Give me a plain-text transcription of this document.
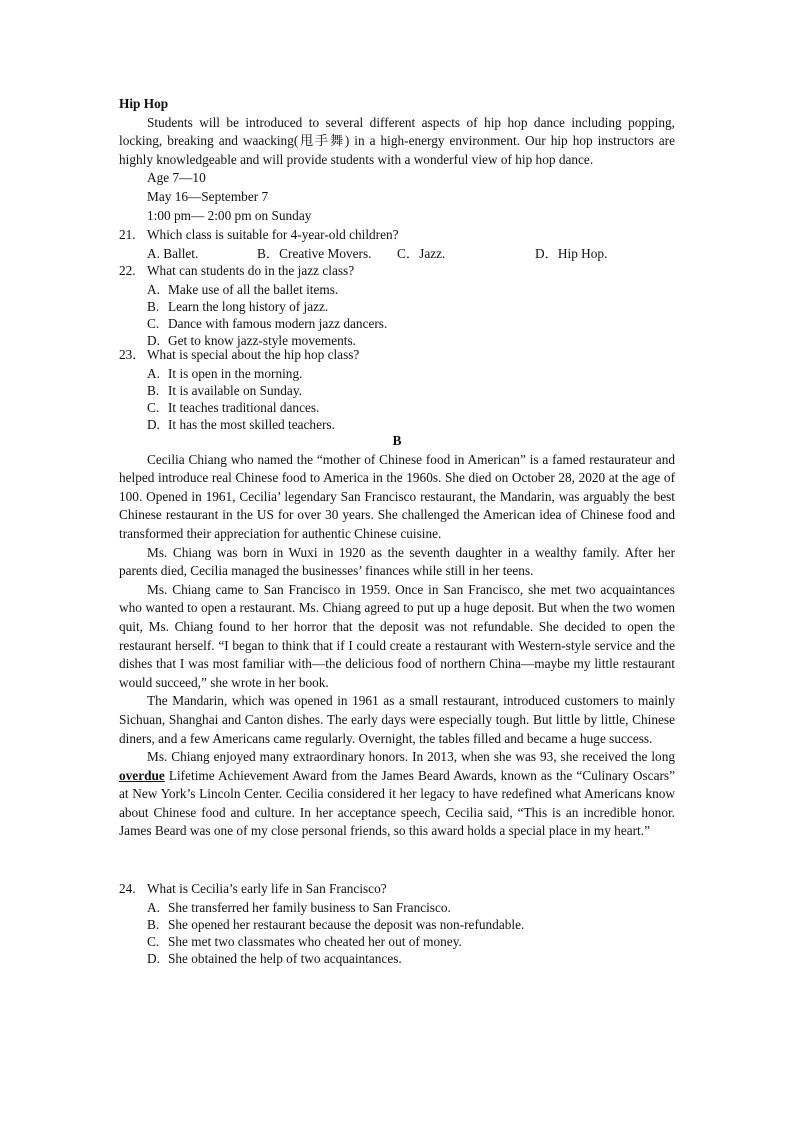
Hip Hop

Students will be introduced to several different aspects of hip hop dance including popping, locking, breaking and waacking(甩手舞) in a high-energy environment. Our hip hop instructors are highly knowledgeable and will provide students with a wonderful view of hip hop dance.

Age 7—10
May 16—September 7
1:00 pm— 2:00 pm on Sunday
21. Which class is suitable for 4-year-old children?
A. Ballet.	B．Creative Movers.	C．Jazz.	D．Hip Hop.
22. What can students do in the jazz class?
A. Make use of all the ballet items.
B. Learn the long history of jazz.
C. Dance with famous modern jazz dancers.
D. Get to know jazz-style movements.
23． What is special about the hip hop class?
A. It is open in the morning.
B. It is available on Sunday.
C. It teaches traditional dances.
D. It has the most skilled teachers.
B

Cecilia Chiang who named the “mother of Chinese food in American” is a famed restaurateur and helped introduce real Chinese food to America in the 1960s. She died on October 28, 2020 at the age of 100. Opened in 1961, Cecilia’ legendary San Francisco restaurant, the Mandarin, was arguably the best Chinese restaurant in the US for over 30 years. She challenged the American idea of Chinese food and transformed their appreciation for authentic Chinese cuisine.

Ms. Chiang was born in Wuxi in 1920 as the seventh daughter in a wealthy family. After her parents died, Cecilia managed the businesses’ finances while still in her teens.

Ms. Chiang came to San Francisco in 1959. Once in San Francisco, she met two acquaintances who wanted to open a restaurant. Ms. Chiang agreed to put up a huge deposit. But when the two women quit, Ms. Chiang found to her horror that the deposit was not refundable. She decided to open the restaurant herself. “I began to think that if I could create a restaurant with Western-style service and the dishes that I was most familiar with—the delicious food of northern China—maybe my little restaurant would succeed,” she wrote in her book.

The Mandarin, which was opened in 1961 as a small restaurant, introduced customers to mainly Sichuan, Shanghai and Canton dishes. The early days were especially tough. But little by little, Chinese diners, and a few Americans came regularly. Overnight, the tables filled and became a huge success.

Ms. Chiang enjoyed many extraordinary honors. In 2013, when she was 93, she received the long overdue Lifetime Achievement Award from the James Beard Awards, known as the “Culinary Oscars” at New York’s Lincoln Center. Cecilia considered it her legacy to have redefined what Americans know about Chinese food and culture. In her acceptance speech, Cecilia said, “This is an incredible honor. James Beard was one of my close personal friends, so this award holds a special place in my heart.”

24. What is Cecilia’s early life in San Francisco?
A. She transferred her family business to San Francisco.
B. She opened her restaurant because the deposit was non-refundable.
C. She met two classmates who cheated her out of money.
D. She obtained the help of two acquaintances.
